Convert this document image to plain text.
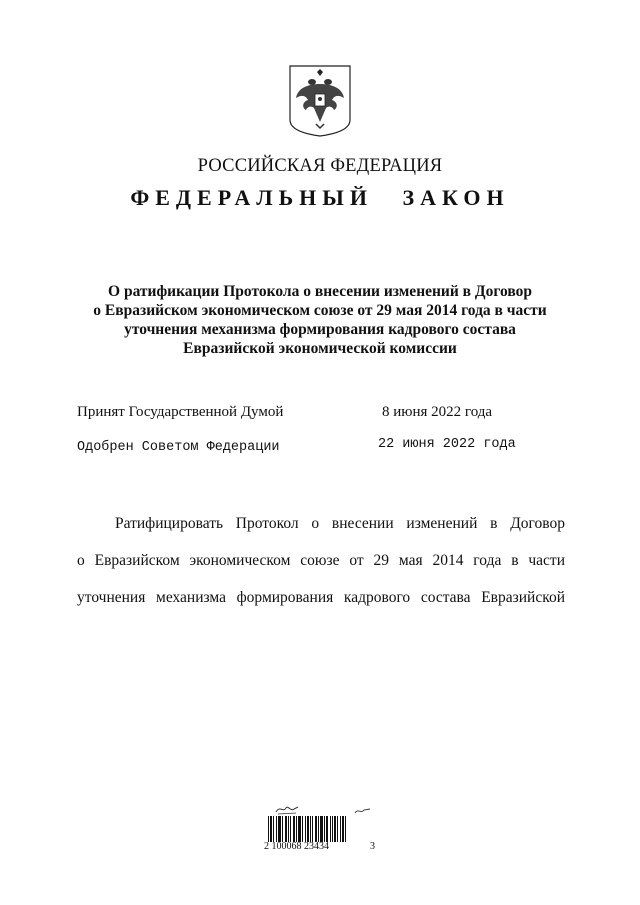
РОССИЙСКАЯ ФЕДЕРАЦИЯ
ФЕДЕРАЛЬНЫЙ ЗАКОН
О ратификации Протокола о внесении изменений в Договор
о Евразийском экономическом союзе от 29 мая 2014 года в части
уточнения механизма формирования кадрового состава
Евразийской экономической комиссии
Принят Государственной Думой	8 июня 2022 года
Одобрен Советом Федерации	22 июня 2022 года
Ратифицировать Протокол о внесении изменений в Договор
о Евразийском экономическом союзе от 29 мая 2014 года в части
уточнения механизма формирования кадрового состава Евразийской
2 100068 23434	3
